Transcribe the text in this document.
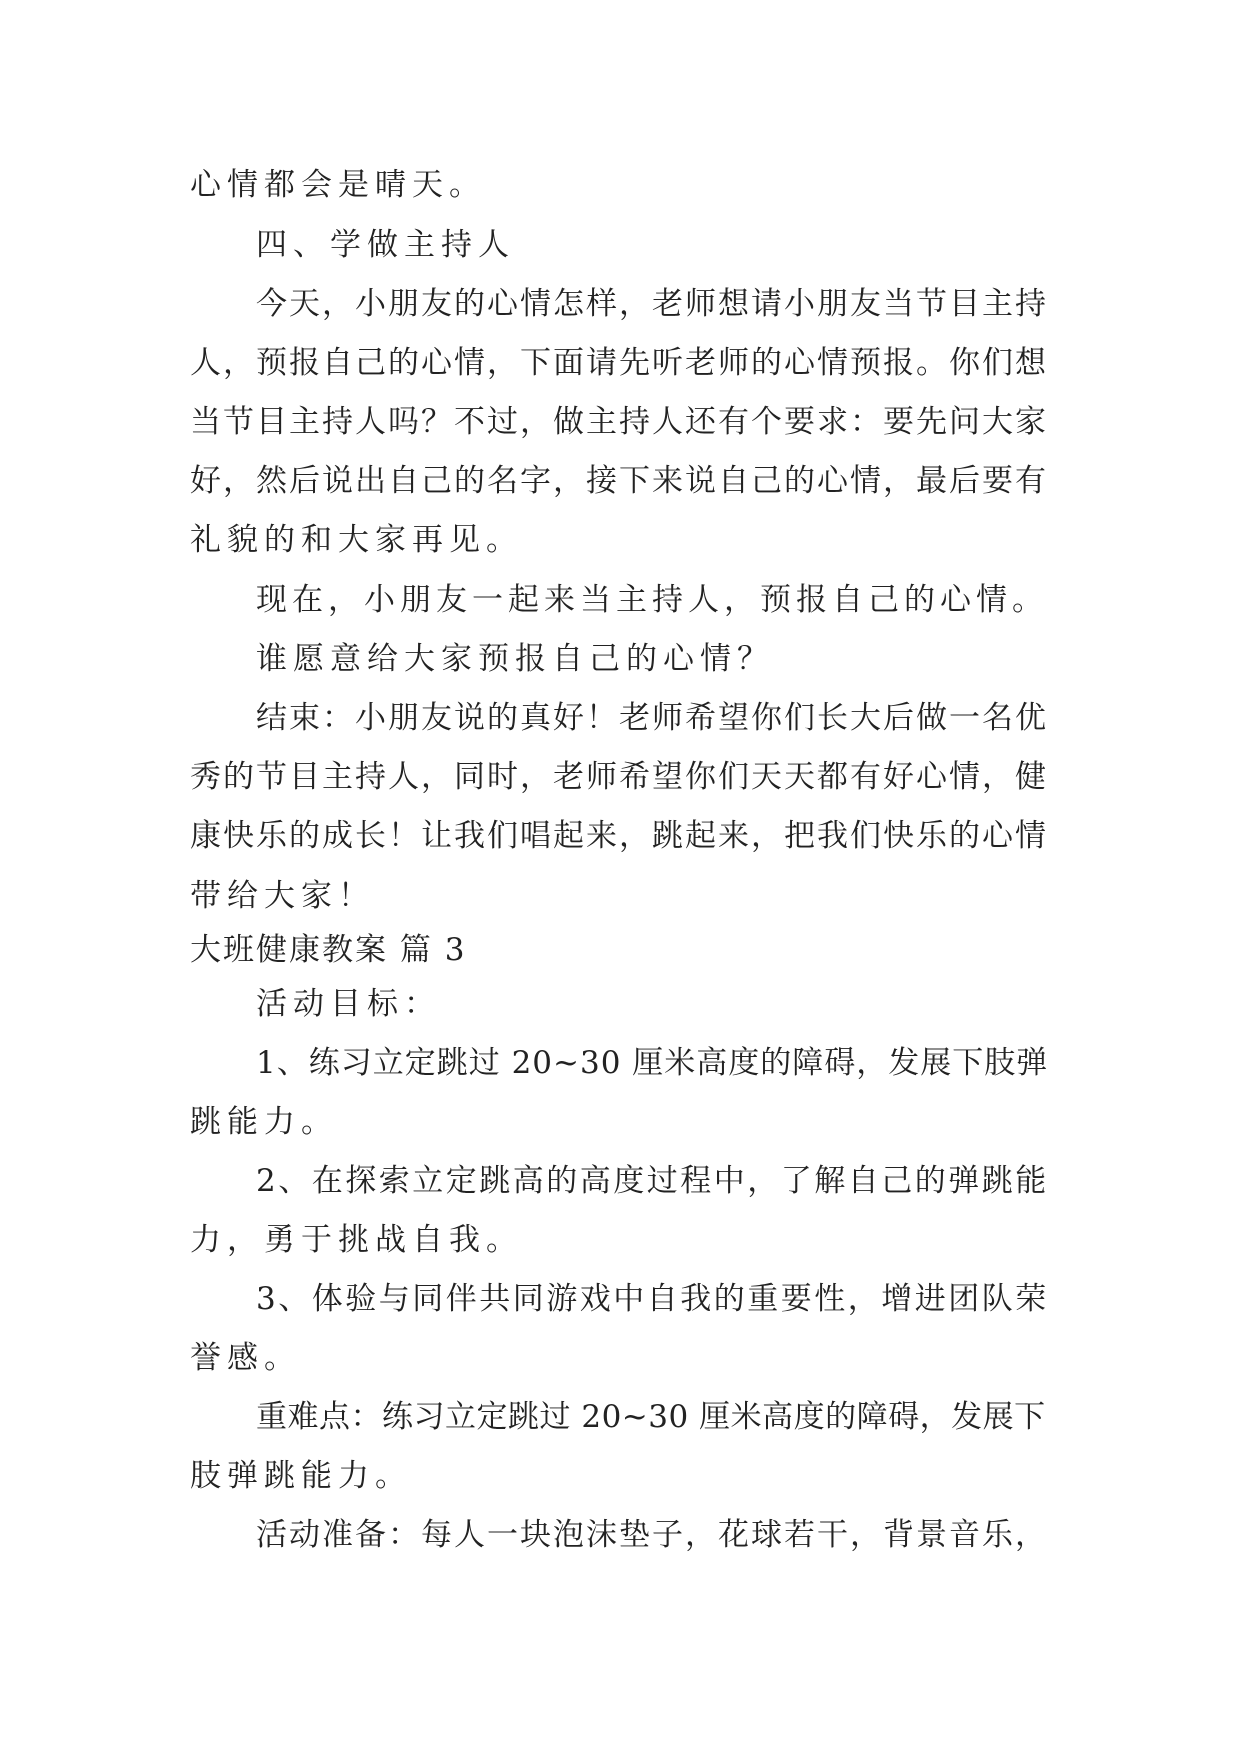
心情都会是晴天。
四、学做主持人
今天，小朋友的心情怎样，老师想请小朋友当节目主持
人，预报自己的心情，下面请先听老师的心情预报。你们想
当节目主持人吗？不过，做主持人还有个要求：要先问大家
好，然后说出自己的名字，接下来说自己的心情，最后要有
礼貌的和大家再见。
现在，小朋友一起来当主持人，预报自己的心情。
谁愿意给大家预报自己的心情？
结束：小朋友说的真好！老师希望你们长大后做一名优
秀的节目主持人，同时，老师希望你们天天都有好心情，健
康快乐的成长！让我们唱起来，跳起来，把我们快乐的心情
带给大家！
大班健康教案 篇 3
活动目标：
1、练习立定跳过 20~30 厘米高度的障碍，发展下肢弹
跳能力。
2、在探索立定跳高的高度过程中，了解自己的弹跳能
力，勇于挑战自我。
3、体验与同伴共同游戏中自我的重要性，增进团队荣
誉感。
重难点：练习立定跳过 20~30 厘米高度的障碍，发展下
肢弹跳能力。
活动准备：每人一块泡沫垫子，花球若干，背景音乐，
